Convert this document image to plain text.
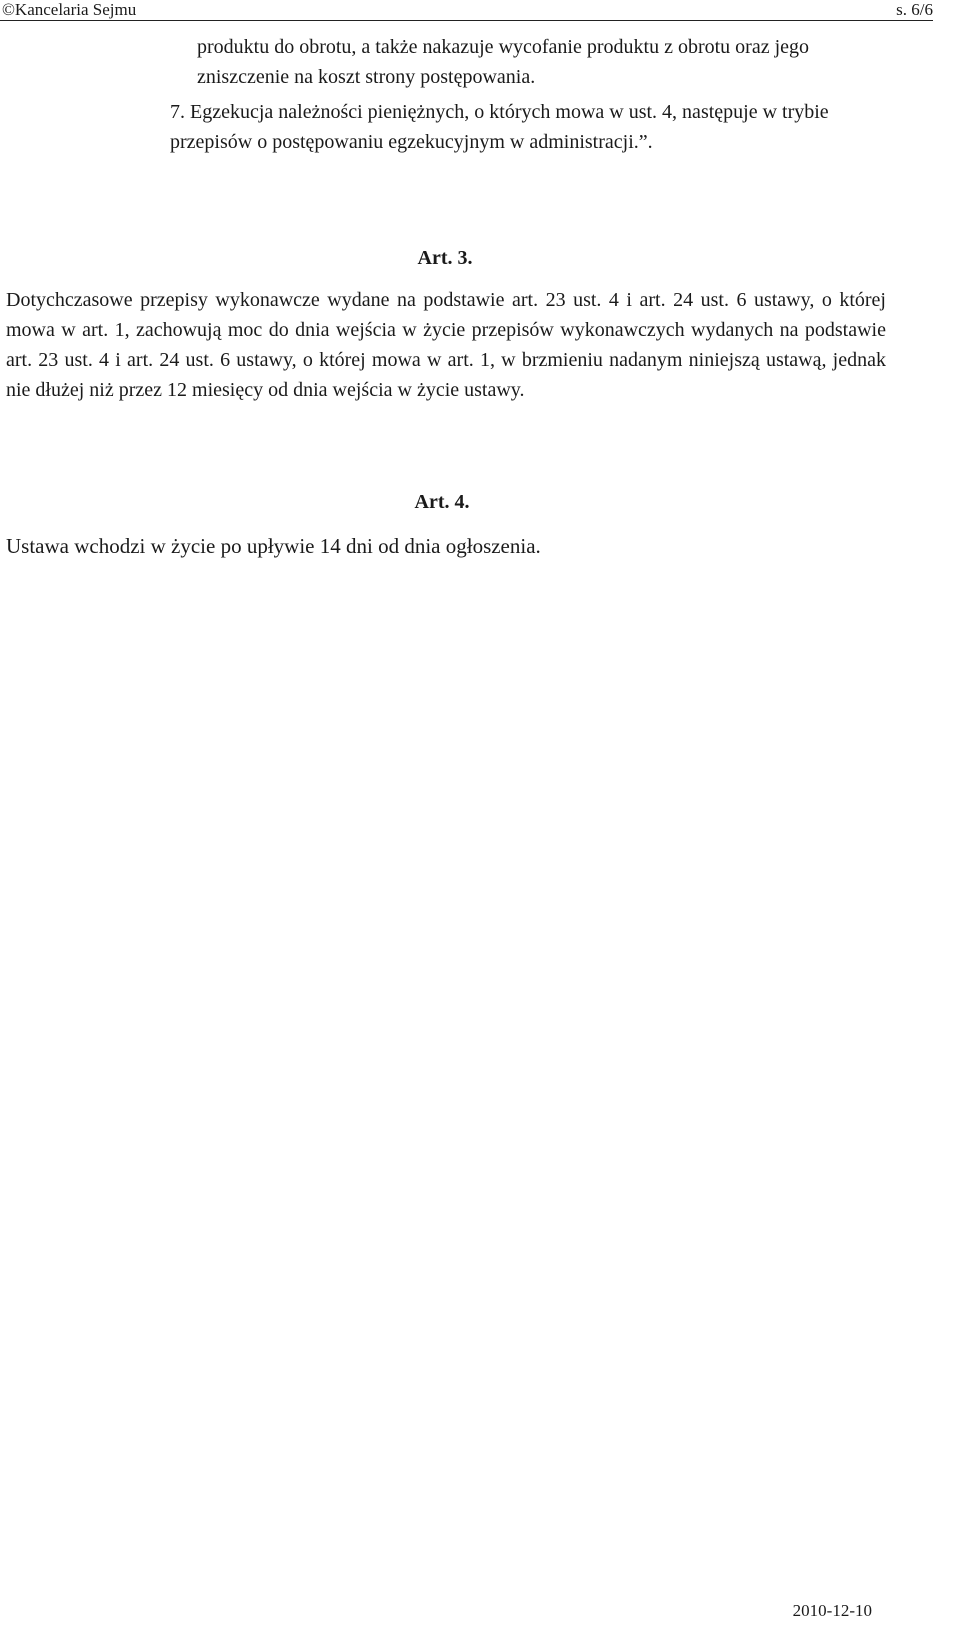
©Kancelaria Sejmu	s. 6/6

produktu do obrotu, a także nakazuje wycofanie produktu z obrotu oraz jego zniszczenie na koszt strony postępowania.

7. Egzekucja należności pieniężnych, o których mowa w ust. 4, następuje w trybie przepisów o postępowaniu egzekucyjnym w administracji.”.

Art. 3.

Dotychczasowe przepisy wykonawcze wydane na podstawie art. 23 ust. 4 i art. 24 ust. 6 ustawy, o której mowa w art. 1, zachowują moc do dnia wejścia w życie przepisów wykonawczych wydanych na podstawie art. 23 ust. 4 i art. 24 ust. 6 ustawy, o której mowa w art. 1, w brzmieniu nadanym niniejszą ustawą, jednak nie dłużej niż przez 12 miesięcy od dnia wejścia w życie ustawy.

Art. 4.

Ustawa wchodzi w życie po upływie 14 dni od dnia ogłoszenia.

2010-12-10
